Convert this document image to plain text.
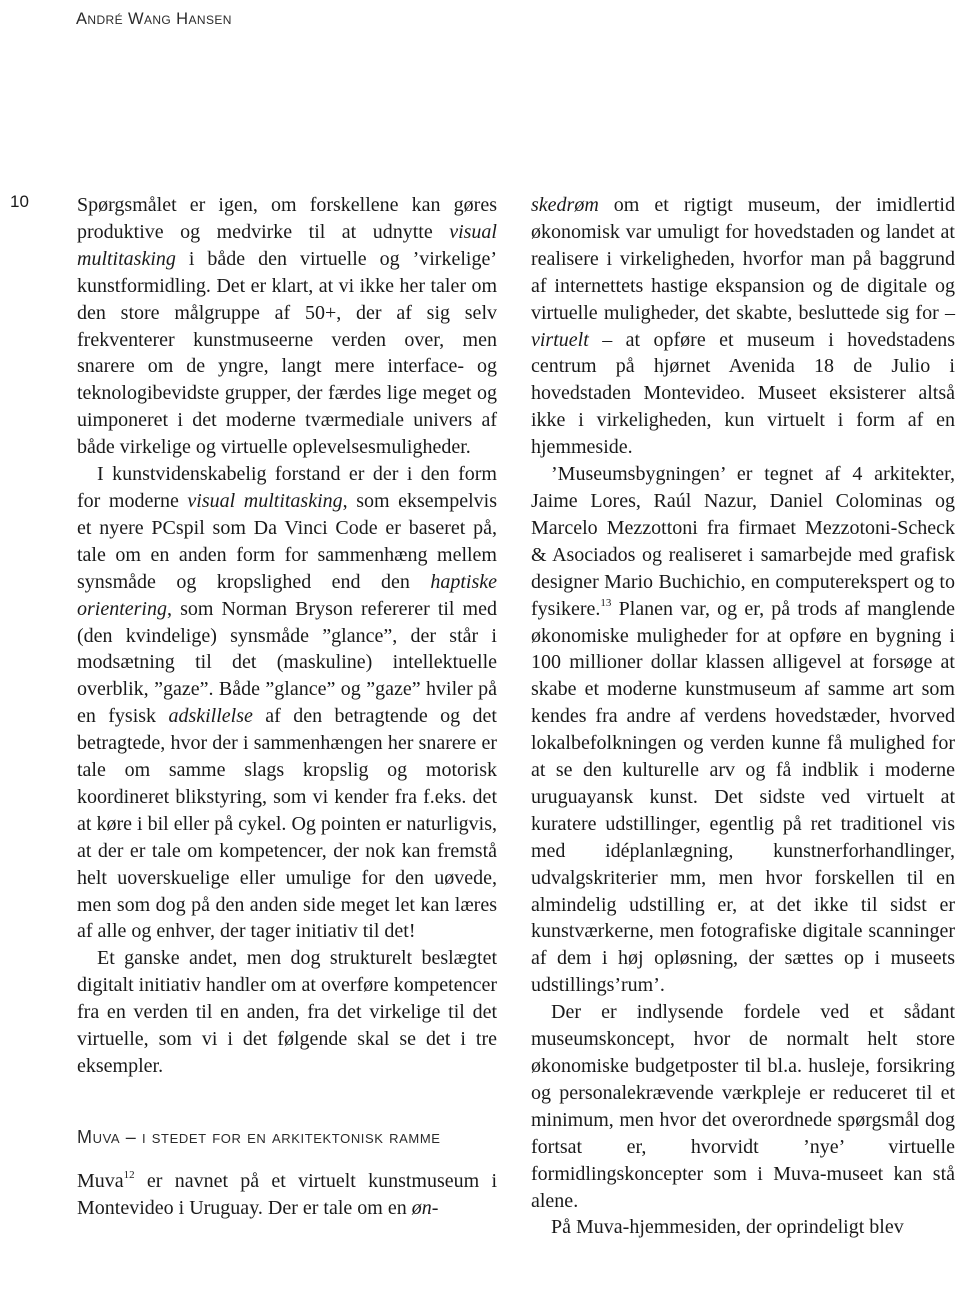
André Wang Hansen
10 Spørgsmålet er igen, om forskellene kan gøres produktive og medvirke til at udnytte visual multitasking i både den virtuelle og ’virkelige’ kunstformidling. Det er klart, at vi ikke her taler om den store målgruppe af 50+, der af sig selv frekventerer kunstmuseerne verden over, men snarere om de yngre, langt mere interface- og teknologibevidste grupper, der færdes lige meget og uimponeret i det moderne tværmediale univers af både virkelige og virtuelle oplevelsesmuligheder.

I kunstvidenskabelig forstand er der i den form for moderne visual multitasking, som eksempelvis et nyere PCspil som Da Vinci Code er baseret på, tale om en anden form for sammenhæng mellem synsmåde og kropslighed end den haptiske orientering, som Norman Bryson refererer til med (den kvindelige) synsmåde ”glance”, der står i modsætning til det (maskuline) intellektuelle overblik, ”gaze”. Både ”glance” og ”gaze” hviler på en fysisk adskillelse af den betragtende og det betragtede, hvor der i sammenhængen her snarere er tale om samme slags kropslig og motorisk koordineret blikstyring, som vi kender fra f.eks. det at køre i bil eller på cykel. Og pointen er naturligvis, at der er tale om kompetencer, der nok kan fremstå helt uoverskuelige eller umulige for den uøvede, men som dog på den anden side meget let kan læres af alle og enhver, der tager initiativ til det!

Et ganske andet, men dog strukturelt beslægtet digitalt initiativ handler om at overføre kompetencer fra en verden til en anden, fra det virkelige til det virtuelle, som vi i det følgende skal se det i tre eksempler.

Muva – i stedet for en arkitektonisk ramme

Muva$^{12}$ er navnet på et virtuelt kunstmuseum i Montevideo i Uruguay. Der er tale om en øn-

skedrøm om et rigtigt museum, der imidlertid økonomisk var umuligt for hovedstaden og landet at realisere i virkeligheden, hvorfor man på baggrund af internettets hastige ekspansion og de digitale og virtuelle muligheder, det skabte, besluttede sig for – virtuelt – at opføre et museum i hovedstadens centrum på hjørnet Avenida 18 de Julio i hovedstaden Montevideo. Museet eksisterer altså ikke i virkeligheden, kun virtuelt i form af en hjemmeside.

’Museumsbygningen’ er tegnet af 4 arkitekter, Jaime Lores, Raúl Nazur, Daniel Colominas og Marcelo Mezzottoni fra firmaet Mezzotoni-Scheck & Asociados og realiseret i samarbejde med grafisk designer Mario Buchichio, en computerekspert og to fysikere.$^{13}$ Planen var, og er, på trods af manglende økonomiske muligheder for at opføre en bygning i 100 millioner dollar klassen alligevel at forsøge at skabe et moderne kunstmuseum af samme art som kendes fra andre af verdens hovedstæder, hvorved lokalbefolkningen og verden kunne få mulighed for at se den kulturelle arv og få indblik i moderne uruguayansk kunst. Det sidste ved virtuelt at kuratere udstillinger, egentlig på ret traditionel vis med idéplanlægning, kunstnerforhandlinger, udvalgskriterier mm, men hvor forskellen til en almindelig udstilling er, at det ikke til sidst er kunstværkerne, men fotografiske digitale scanninger af dem i høj opløsning, der sættes op i museets udstillings’rum’.

Der er indlysende fordele ved et sådant museumskoncept, hvor de normalt helt store økonomiske budgetposter til bl.a. husleje, forsikring og personalekrævende værkpleje er reduceret til et minimum, men hvor det overordnede spørgsmål dog fortsat er, hvorvidt ’nye’ virtuelle formidlingskoncepter som i Muva-museet kan stå alene.

På Muva-hjemmesiden, der oprindeligt blev
